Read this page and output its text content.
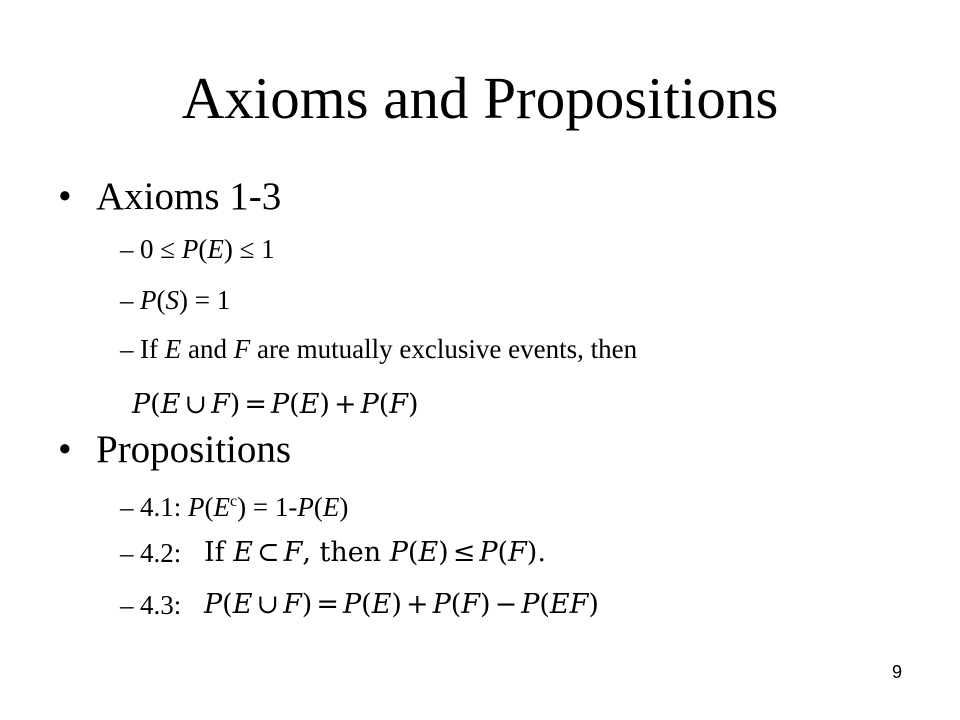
Axioms and Propositions
• Axioms 1-3
– 0 ≤ P(E) ≤ 1
– P(S) = 1
– If E and F are mutually exclusive events, then
P(E ∪ F) = P(E) + P(F)
• Propositions
– 4.1: $P(E^c) = 1-P(E)$
– 4.2: If E ⊂ F, then P(E) ≤ P(F).
– 4.3: P(E ∪ F) = P(E) + P(F) − P(EF)
9
